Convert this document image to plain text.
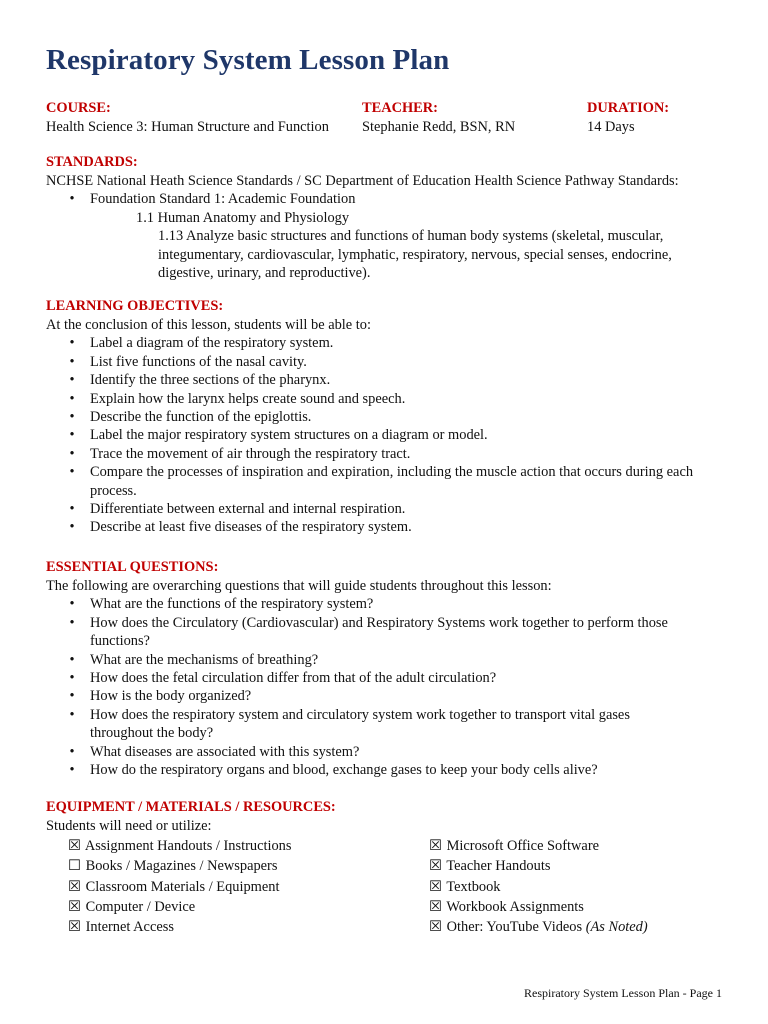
Respiratory System Lesson Plan
COURSE:
Health Science 3: Human Structure and Function
TEACHER:
Stephanie Redd, BSN, RN
DURATION:
14 Days
STANDARDS:
NCHSE National Heath Science Standards / SC Department of Education Health Science Pathway Standards:
• Foundation Standard 1: Academic Foundation
1.1 Human Anatomy and Physiology
1.13 Analyze basic structures and functions of human body systems (skeletal, muscular,
integumentary, cardiovascular, lymphatic, respiratory, nervous, special senses, endocrine,
digestive, urinary, and reproductive).
LEARNING OBJECTIVES:
At the conclusion of this lesson, students will be able to:
• Label a diagram of the respiratory system.
• List five functions of the nasal cavity.
• Identify the three sections of the pharynx.
• Explain how the larynx helps create sound and speech.
• Describe the function of the epiglottis.
• Label the major respiratory system structures on a diagram or model.
• Trace the movement of air through the respiratory tract.
• Compare the processes of inspiration and expiration, including the muscle action that occurs during each
process.
• Differentiate between external and internal respiration.
• Describe at least five diseases of the respiratory system.
ESSENTIAL QUESTIONS:
The following are overarching questions that will guide students throughout this lesson:
• What are the functions of the respiratory system?
• How does the Circulatory (Cardiovascular) and Respiratory Systems work together to perform those
functions?
• What are the mechanisms of breathing?
• How does the fetal circulation differ from that of the adult circulation?
• How is the body organized?
• How does the respiratory system and circulatory system work together to transport vital gases
throughout the body?
• What diseases are associated with this system?
• How do the respiratory organs and blood, exchange gases to keep your body cells alive?
EQUIPMENT / MATERIALS / RESOURCES:
Students will need or utilize:
☒ Assignment Handouts / Instructions
☐ Books / Magazines / Newspapers
☒ Classroom Materials / Equipment
☒ Computer / Device
☒ Internet Access
☒ Microsoft Office Software
☒ Teacher Handouts
☒ Textbook
☒ Workbook Assignments
☒ Other: YouTube Videos (As Noted)
Respiratory System Lesson Plan - Page 1
